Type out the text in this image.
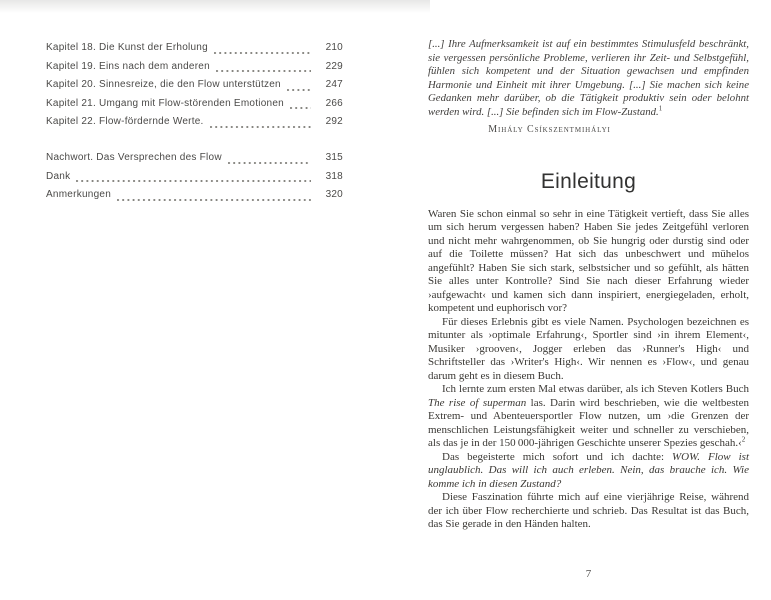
Kapitel 18. Die Kunst der Erholung	210
Kapitel 19. Eins nach dem anderen	229
Kapitel 20. Sinnesreize, die den Flow unterstützen	247
Kapitel 21. Umgang mit Flow-störenden Emotionen	266
Kapitel 22. Flow-fördernde Werte.	292
Nachwort. Das Versprechen des Flow	315
Dank	318
Anmerkungen	320
[...] Ihre Aufmerksamkeit ist auf ein bestimmtes Stimulusfeld beschränkt, sie vergessen persönliche Probleme, verlieren ihr Zeit- und Selbstgefühl, fühlen sich kompetent und der Situation gewachsen und empfinden Harmonie und Einheit mit ihrer Umgebung. [...] Sie machen sich keine Gedanken mehr darüber, ob die Tätigkeit produktiv sein oder belohnt werden wird. [...] Sie befinden sich im Flow-Zustand.$^1$
Mihály Csíkszentmihályi
Einleitung

Waren Sie schon einmal so sehr in eine Tätigkeit vertieft, dass Sie alles um sich herum vergessen haben? Haben Sie jedes Zeitgefühl verloren und nicht mehr wahrgenommen, ob Sie hungrig oder durstig sind oder auf die Toilette müssen? Hat sich das unbeschwert und mühelos angefühlt? Haben Sie sich stark, selbstsicher und so gefühlt, als hätten Sie alles unter Kontrolle? Sind Sie nach dieser Erfahrung wieder ›aufgewacht‹ und kamen sich dann inspiriert, energiegeladen, erholt, kompetent und euphorisch vor?

Für dieses Erlebnis gibt es viele Namen. Psychologen bezeichnen es mitunter als ›optimale Erfahrung‹, Sportler sind ›in ihrem Element‹, Musiker ›grooven‹, Jogger erleben das ›Runner's High‹ und Schriftsteller das ›Writer's High‹. Wir nennen es ›Flow‹, und genau darum geht es in diesem Buch.

Ich lernte zum ersten Mal etwas darüber, als ich Steven Kotlers Buch The rise of superman las. Darin wird beschrieben, wie die weltbesten Extrem- und Abenteuersportler Flow nutzen, um ›die Grenzen der menschlichen Leistungsfähigkeit weiter und schneller zu verschieben, als das je in der 150 000-jährigen Geschichte unserer Spezies geschah.‹$^2$

Das begeisterte mich sofort und ich dachte: WOW. Flow ist unglaublich. Das will ich auch erleben. Nein, das brauche ich. Wie komme ich in diesen Zustand?

Diese Faszination führte mich auf eine vierjährige Reise, während der ich über Flow recherchierte und schrieb. Das Resultat ist das Buch, das Sie gerade in den Händen halten.

7
